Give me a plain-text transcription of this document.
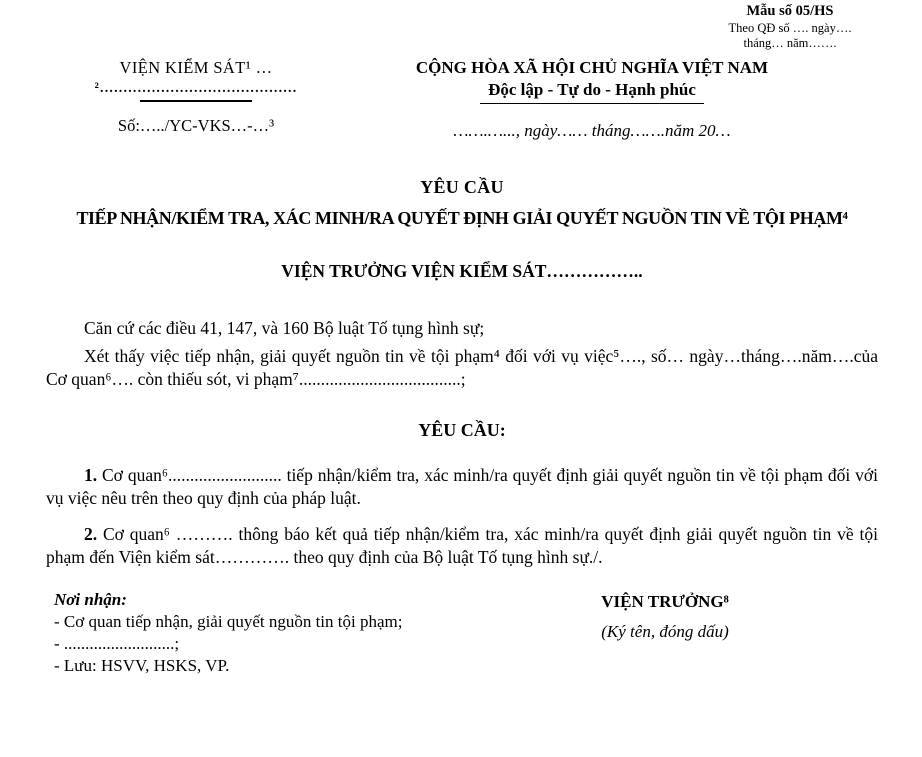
Mẫu số 05/HS
Theo QĐ số …. ngày….
tháng… năm…….
VIỆN KIỂM SÁT¹ …
²..........................................
Số:…../YC-VKS…-…³
CỘNG HÒA XÃ HỘI CHỦ NGHĨA VIỆT NAM
Độc lập - Tự do - Hạnh phúc
…….…..., ngày…… tháng…….năm 20…
YÊU CẦU
TIẾP NHẬN/KIỂM TRA, XÁC MINH/RA QUYẾT ĐỊNH GIẢI QUYẾT NGUỒN TIN VỀ TỘI PHẠM⁴
VIỆN TRƯỞNG VIỆN KIỂM SÁT……………..

Căn cứ các điều 41, 147, và 160 Bộ luật Tố tụng hình sự;

Xét thấy việc tiếp nhận, giải quyết nguồn tin về tội phạm⁴ đối với vụ việc⁵…., số… ngày…tháng….năm….của Cơ quan⁶…. còn thiếu sót, vi phạm⁷.....................................;

YÊU CẦU:

1. Cơ quan⁶.......................... tiếp nhận/kiểm tra, xác minh/ra quyết định giải quyết nguồn tin về tội phạm đối với vụ việc nêu trên theo quy định của pháp luật.

2. Cơ quan⁶ ………. thông báo kết quả tiếp nhận/kiểm tra, xác minh/ra quyết định giải quyết nguồn tin về tội phạm đến Viện kiểm sát…………. theo quy định của Bộ luật Tố tụng hình sự./.

Nơi nhận:
- Cơ quan tiếp nhận, giải quyết nguồn tin tội phạm;
- ..........................;
- Lưu: HSVV, HSKS, VP.
VIỆN TRƯỞNG⁸
(Ký tên, đóng dấu)
